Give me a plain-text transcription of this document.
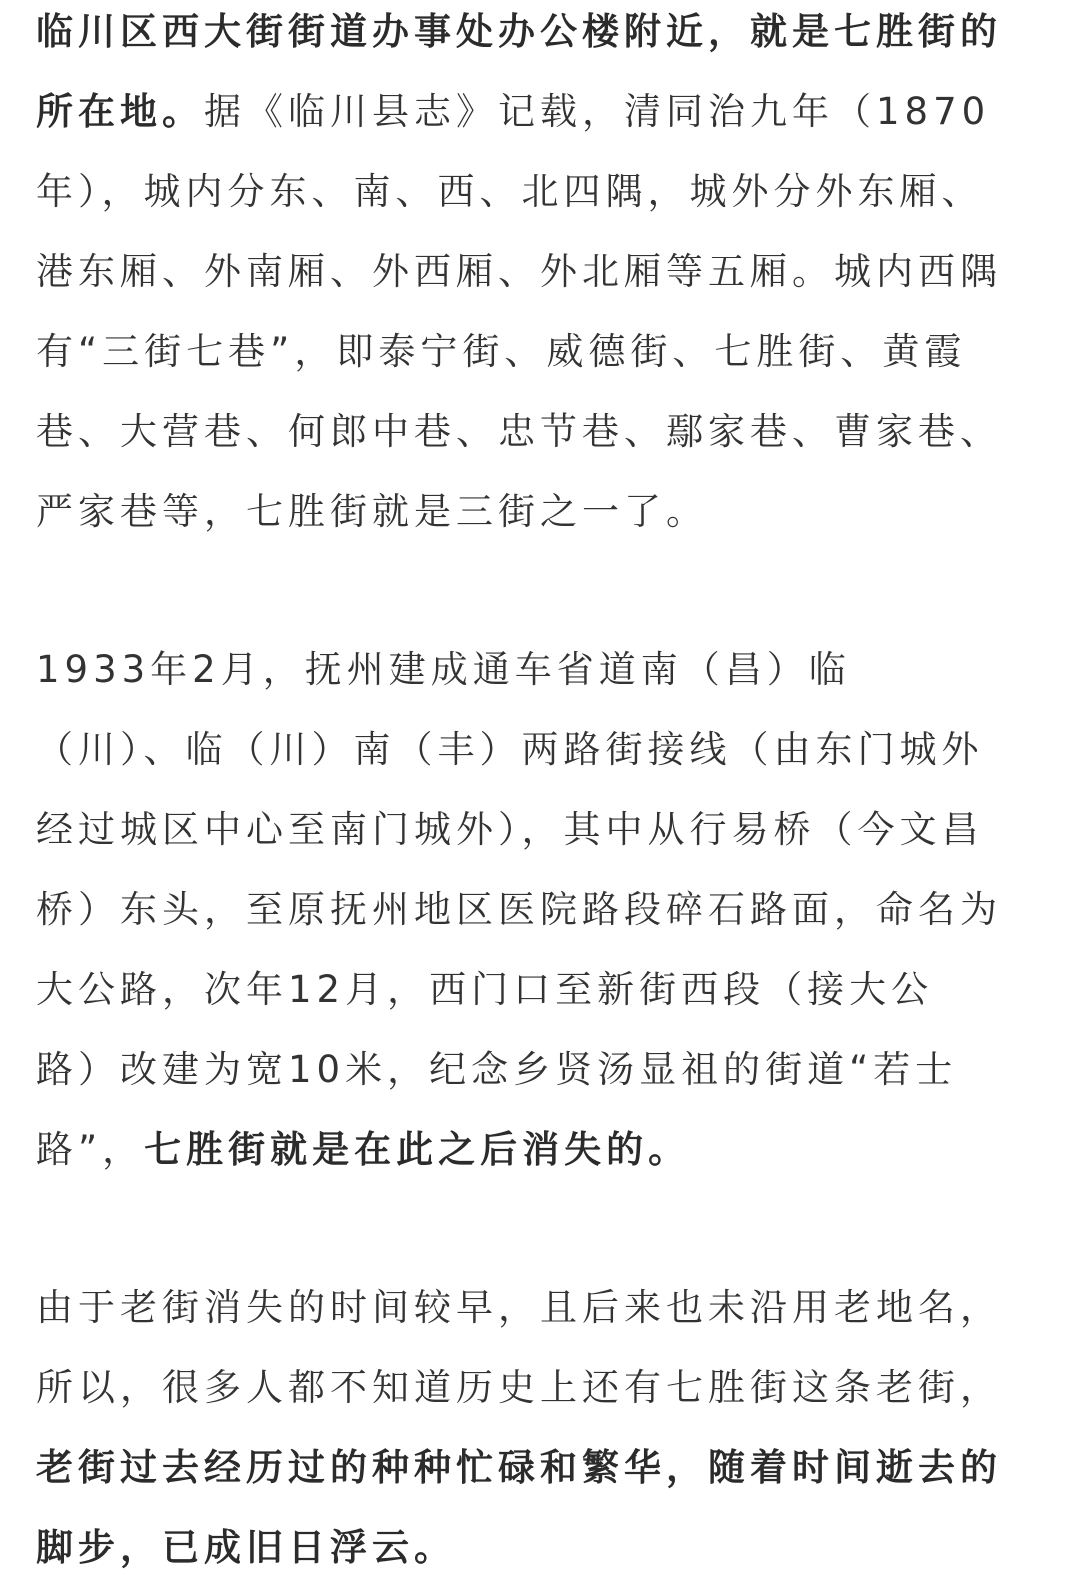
临川区西大街街道办事处办公楼附近，就是七胜街的
所在地。据《临川县志》记载，清同治九年（1870
年），城内分东、南、西、北四隅，城外分外东厢、
港东厢、外南厢、外西厢、外北厢等五厢。城内西隅
有“三街七巷”，即泰宁街、威德街、七胜街、黄霞
巷、大营巷、何郎中巷、忠节巷、鄢家巷、曹家巷、
严家巷等，七胜街就是三街之一了。
1933年2月，抚州建成通车省道南（昌）临
（川）、临（川）南（丰）两路街接线（由东门城外
经过城区中心至南门城外），其中从行易桥（今文昌
桥）东头，至原抚州地区医院路段碎石路面，命名为
大公路，次年12月，西门口至新街西段（接大公
路）改建为宽10米，纪念乡贤汤显祖的街道“若士
路”，七胜街就是在此之后消失的。
由于老街消失的时间较早，且后来也未沿用老地名，
所以，很多人都不知道历史上还有七胜街这条老街，
老街过去经历过的种种忙碌和繁华，随着时间逝去的
脚步，已成旧日浮云。
